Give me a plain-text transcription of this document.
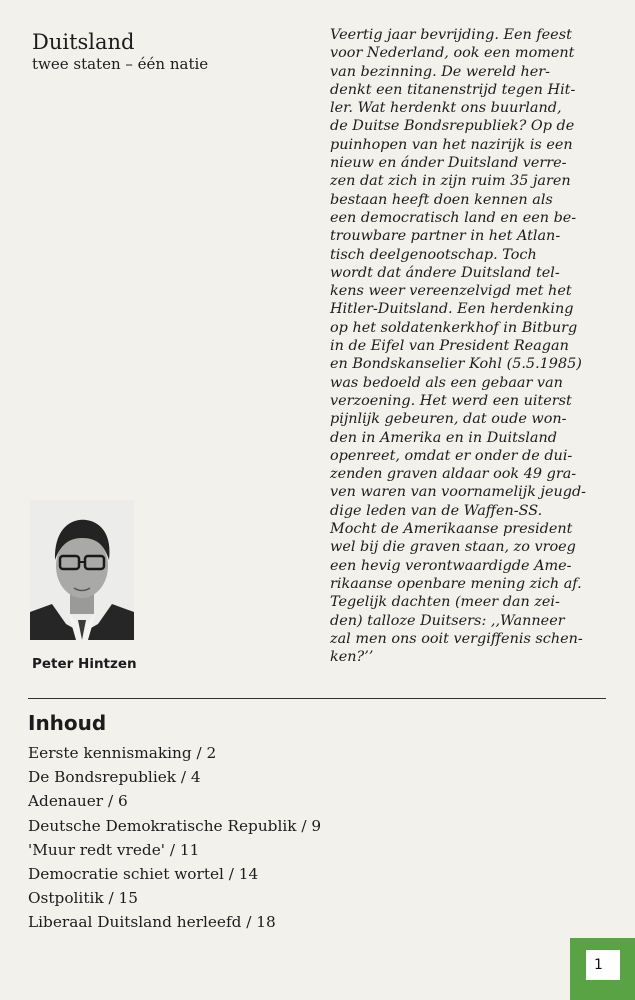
Duitsland
twee staten – één natie
Veertig jaar bevrijding. Een feest
voor Nederland, ook een moment
van bezinning. De wereld her-
denkt een titanenstrijd tegen Hit-
ler. Wat herdenkt ons buurland,
de Duitse Bondsrepubliek? Op de
puinhopen van het nazirijk is een
nieuw en ánder Duitsland verre-
zen dat zich in zijn ruim 35 jaren
bestaan heeft doen kennen als
een democratisch land en een be-
trouwbare partner in het Atlan-
tisch deelgenootschap. Toch
wordt dat ándere Duitsland tel-
kens weer vereenzelvigd met het
Hitler-Duitsland. Een herdenking
op het soldatenkerkhof in Bitburg
in de Eifel van President Reagan
en Bondskanselier Kohl (5.5.1985)
was bedoeld als een gebaar van
verzoening. Het werd een uiterst
pijnlijk gebeuren, dat oude won-
den in Amerika en in Duitsland
openreet, omdat er onder de dui-
zenden graven aldaar ook 49 gra-
ven waren van voornamelijk jeugd-
dige leden van de Waffen-SS.
Mocht de Amerikaanse president
wel bij die graven staan, zo vroeg
een hevig verontwaardigde Ame-
rikaanse openbare mening zich af.
Tegelijk dachten (meer dan zei-
den) talloze Duitsers: ,,Wanneer
zal men ons ooit vergiffenis schen-
ken?’’
Peter Hintzen
Inhoud
Eerste kennismaking / 2
De Bondsrepubliek / 4
Adenauer / 6
Deutsche Demokratische Republik / 9
'Muur redt vrede' / 11
Democratie schiet wortel / 14
Ostpolitik / 15
Liberaal Duitsland herleefd / 18
1
